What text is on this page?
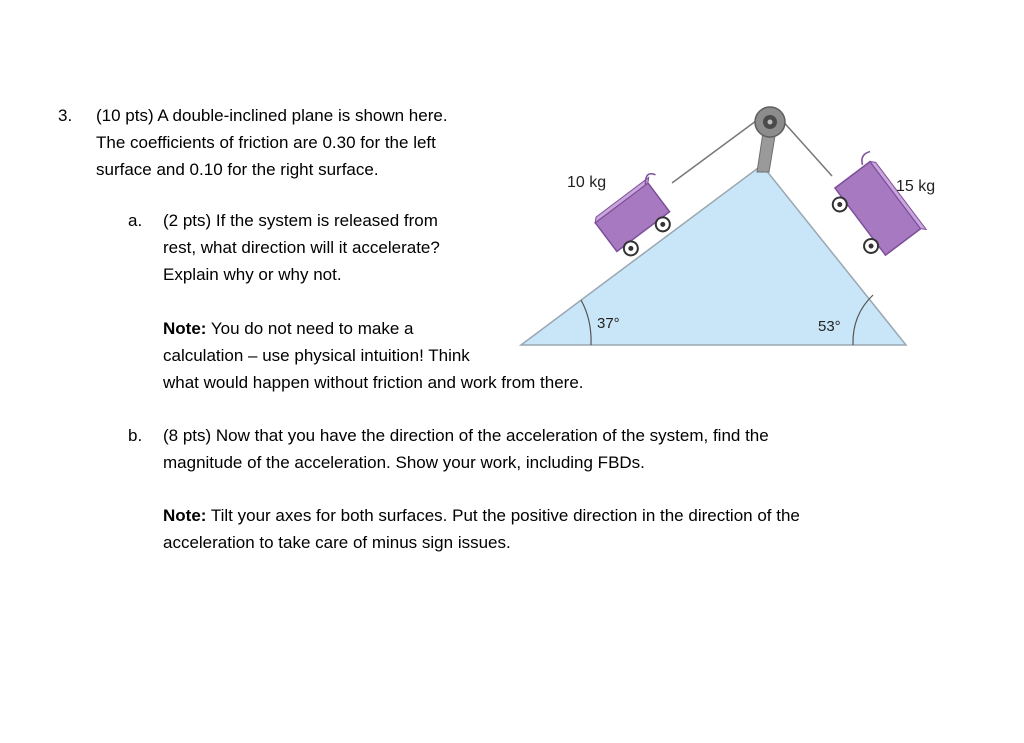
3. (10 pts) A double-inclined plane is shown here.
The coefficients of friction are 0.30 for the left
surface and 0.10 for the right surface.
a. (2 pts) If the system is released from
rest, what direction will it accelerate?
Explain why or why not.
Note: You do not need to make a
calculation – use physical intuition! Think
what would happen without friction and work from there.
b. (8 pts) Now that you have the direction of the acceleration of the system, find the
magnitude of the acceleration. Show your work, including FBDs.
Note: Tilt your axes for both surfaces. Put the positive direction in the direction of the
acceleration to take care of minus sign issues.
10 kg	15 kg
37°	53°
